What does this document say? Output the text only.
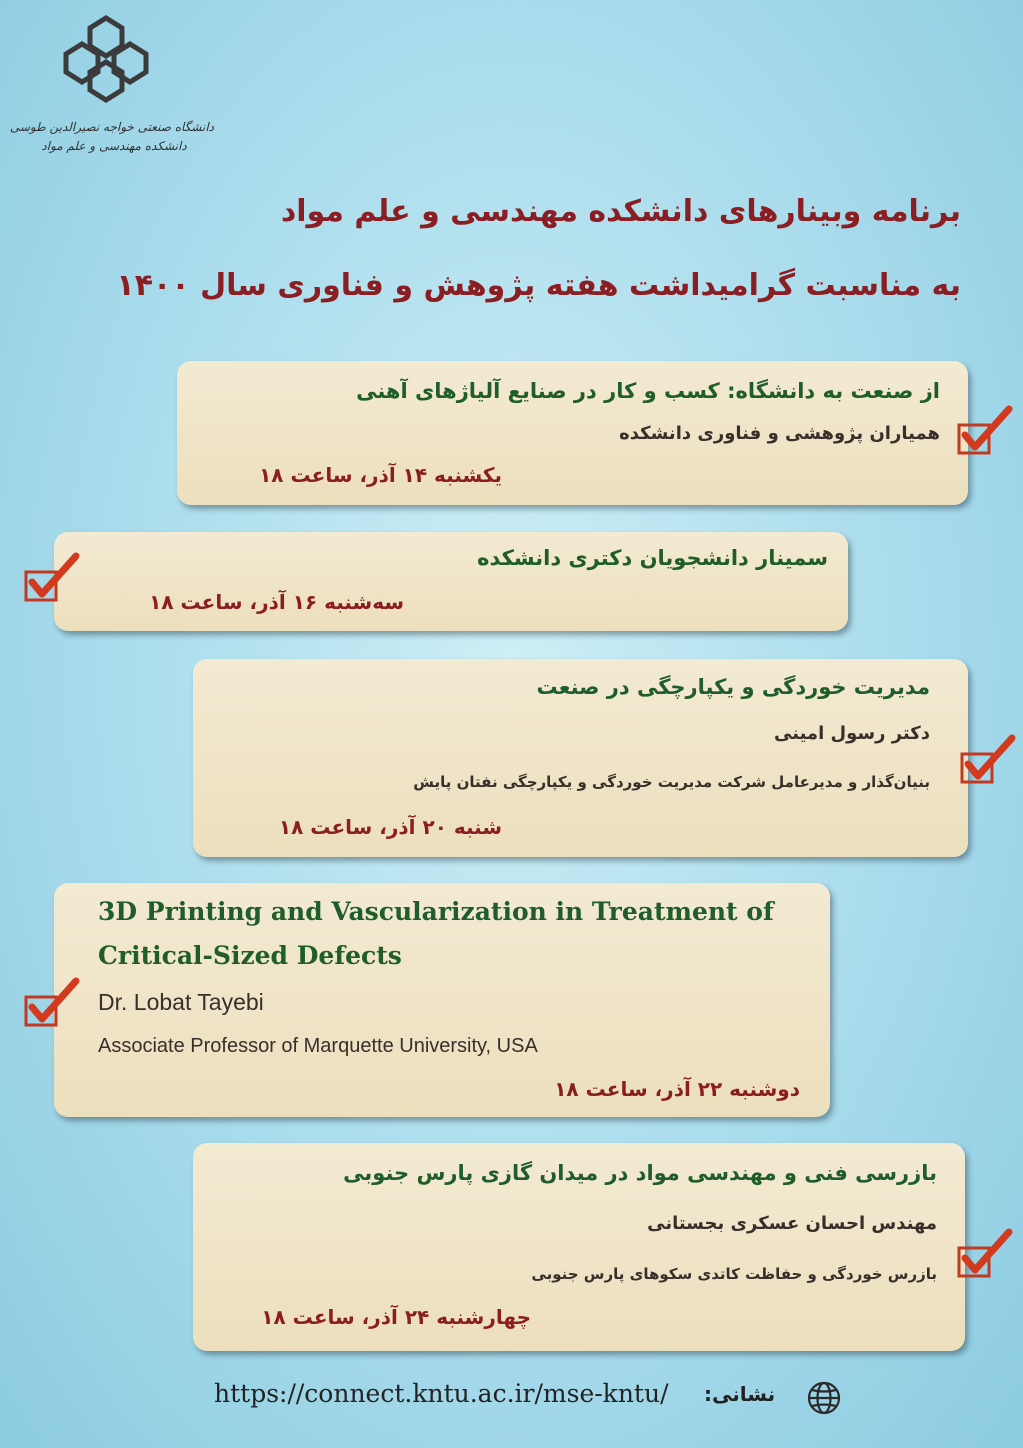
دانشگاه صنعتی خواجه نصیرالدین طوسی
دانشکده مهندسی و علم مواد
برنامه وبینارهای دانشکده مهندسی و علم مواد
به مناسبت گرامیداشت هفته پژوهش و فناوری سال ۱۴۰۰
از صنعت به دانشگاه: کسب و کار در صنایع آلیاژهای آهنی
همیاران پژوهشی و فناوری دانشکده
یکشنبه ۱۴ آذر، ساعت ۱۸
سمینار دانشجویان دکتری دانشکده
سه‌شنبه ۱۶ آذر، ساعت ۱۸
مدیریت خوردگی و یکپارچگی در صنعت
دکتر رسول امینی
بنیان‌گذار و مدیرعامل شرکت مدیریت خوردگی و یکپارچگی نفتان پایش
شنبه ۲۰ آذر، ساعت ۱۸
3D Printing and Vascularization in Treatment of
Critical-Sized Defects
Dr. Lobat Tayebi
Associate Professor of Marquette University, USA
دوشنبه ۲۲ آذر، ساعت ۱۸
بازرسی فنی و مهندسی مواد در میدان گازی پارس جنوبی
مهندس احسان عسکری بجستانی
بازرس خوردگی و حفاظت کاتدی سکوهای پارس جنوبی
چهارشنبه ۲۴ آذر، ساعت ۱۸
https://connect.kntu.ac.ir/mse-kntu/ نشانی:
